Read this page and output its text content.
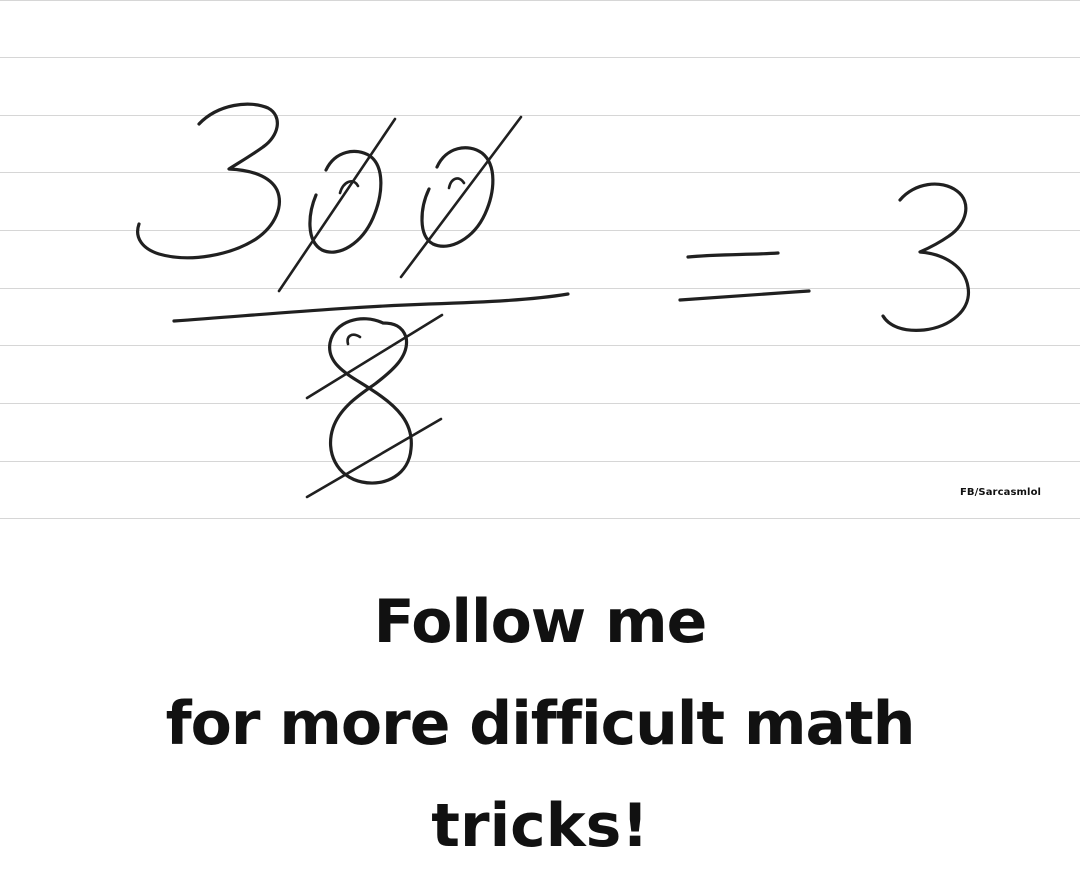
FB/Sarcasmlol
Follow me
for more difficult math
tricks!
